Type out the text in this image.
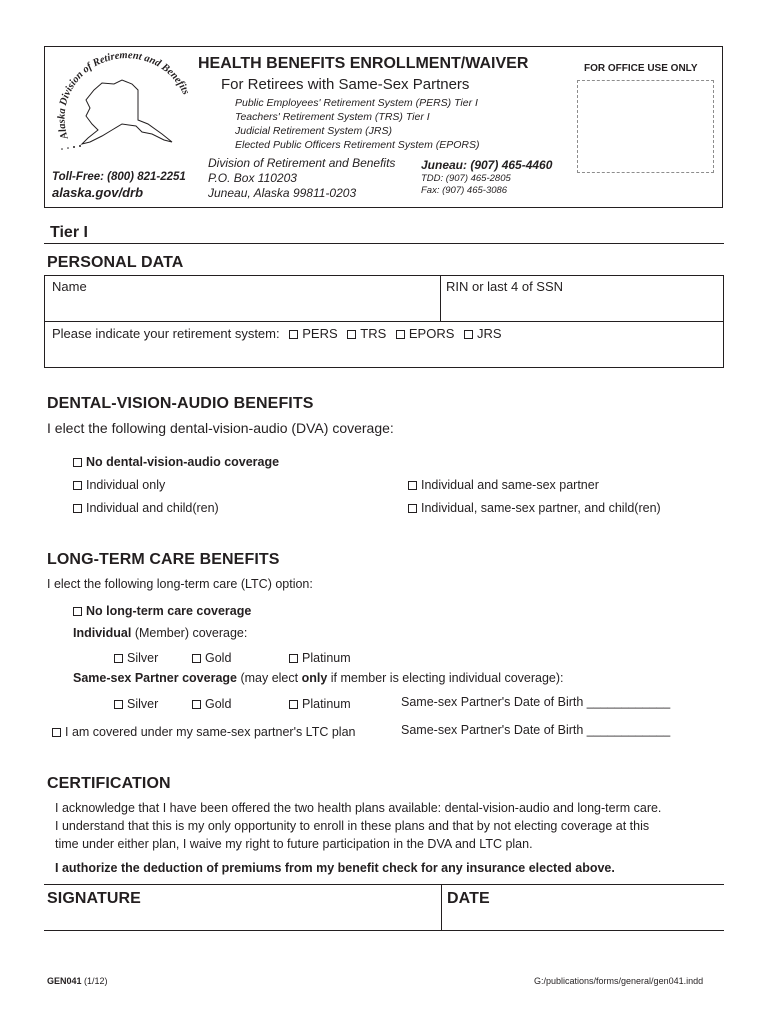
Alaska Division of Retirement and Benefits
HEALTH BENEFITS ENROLLMENT/WAIVER
For Retirees with Same-Sex Partners
Public Employees' Retirement System (PERS) Tier I
Teachers' Retirement System (TRS) Tier I
Judicial Retirement System (JRS)
Elected Public Officers Retirement System (EPORS)
FOR OFFICE USE ONLY
Toll-Free: (800) 821-2251
alaska.gov/drb
Division of Retirement and Benefits
P.O. Box 110203
Juneau, Alaska 99811-0203
Juneau: (907) 465-4460
TDD: (907) 465-2805
Fax: (907) 465-3086
Tier I
PERSONAL DATA
Name	RIN or last 4 of SSN
Please indicate your retirement system: PERS TRS EPORS JRS
DENTAL-VISION-AUDIO BENEFITS
I elect the following dental-vision-audio (DVA) coverage:
No dental-vision-audio coverage
Individual only
Individual and child(ren)
Individual and same-sex partner
Individual, same-sex partner, and child(ren)
LONG-TERM CARE BENEFITS
I elect the following long-term care (LTC) option:
No long-term care coverage
Individual (Member) coverage:
Silver	Gold	Platinum
Same-sex Partner coverage (may elect only if member is electing individual coverage):
Silver	Gold	Platinum	Same-sex Partner's Date of Birth ____________
I am covered under my same-sex partner's LTC plan	Same-sex Partner's Date of Birth ____________
CERTIFICATION
I acknowledge that I have been offered the two health plans available: dental-vision-audio and long-term care.
I understand that this is my only opportunity to enroll in these plans and that by not electing coverage at this
time under either plan, I waive my right to future participation in the DVA and LTC plan.
I authorize the deduction of premiums from my benefit check for any insurance elected above.
SIGNATURE	DATE
GEN041 (1/12)	G:/publications/forms/general/gen041.indd
